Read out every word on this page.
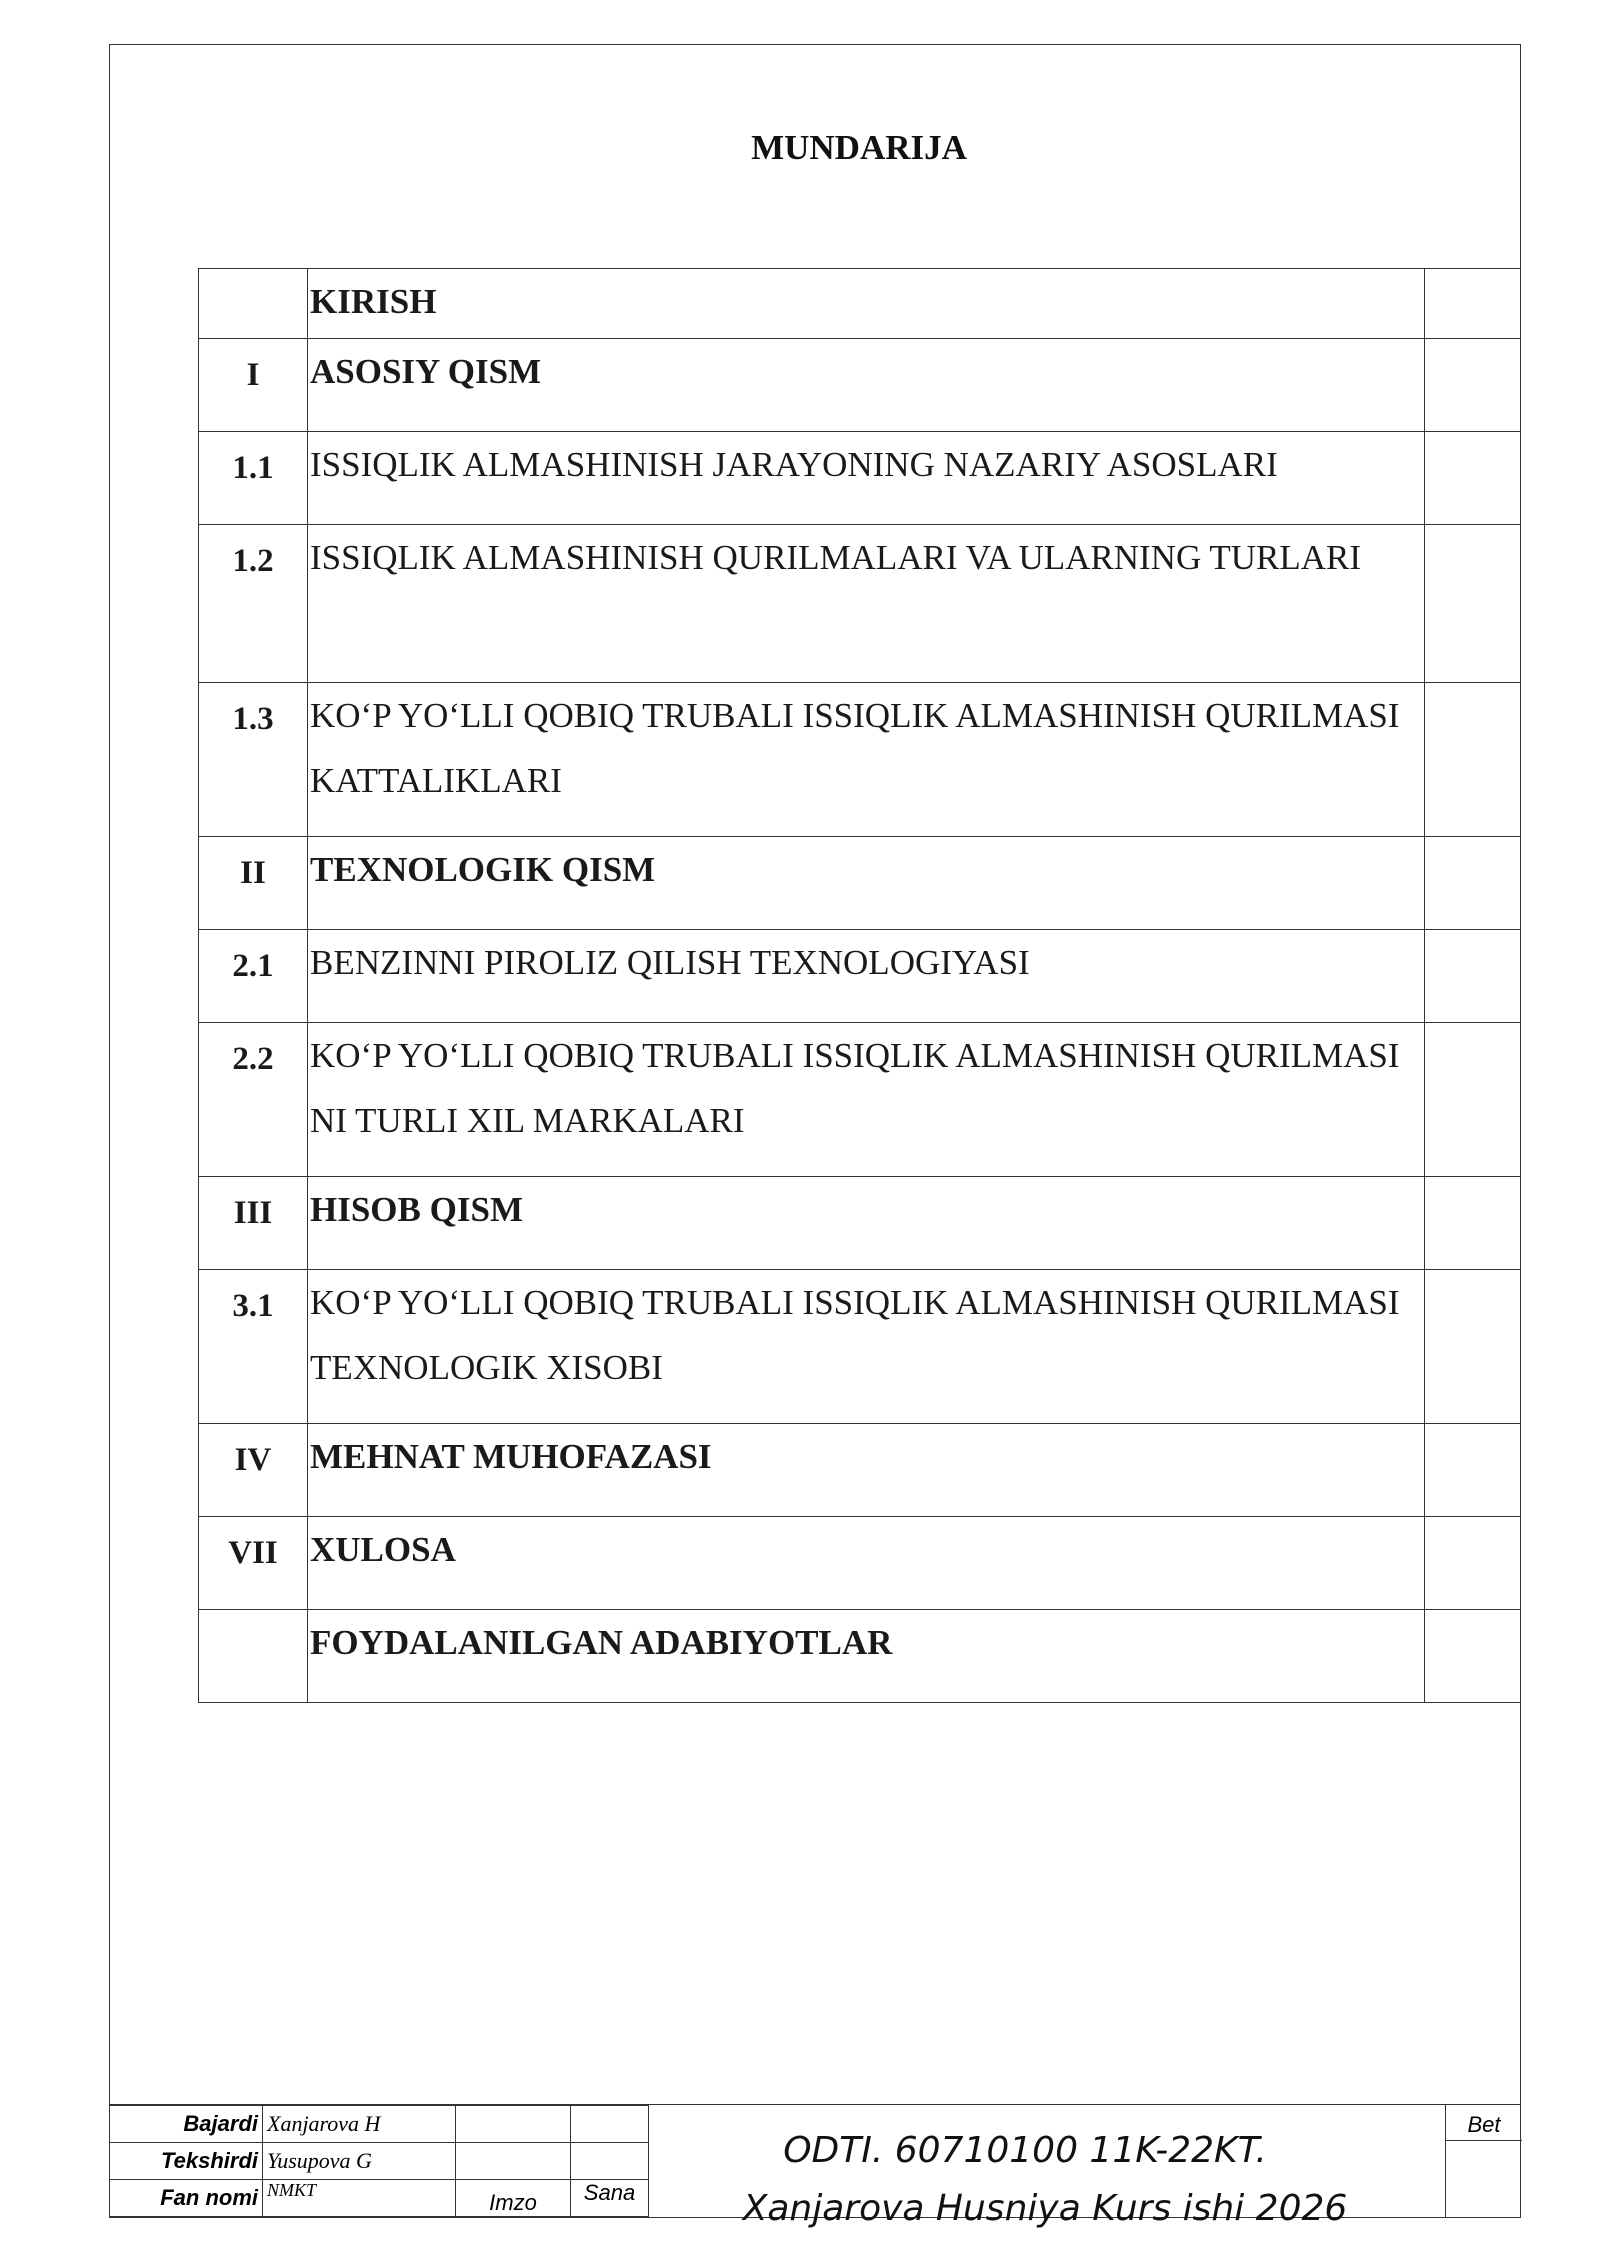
MUNDARIJA
	KIRISH	
I	ASOSIY QISM	
1.1	ISSIQLIK ALMASHINISH JARAYONING NAZARIY ASOSLARI	
1.2	ISSIQLIK ALMASHINISH QURILMALARI VA ULARNING TURLARI	
1.3	KO‘P YO‘LLI QOBIQ TRUBALI ISSIQLIK ALMASHINISH QURILMASI KATTALIKLARI	
II	TEXNOLOGIK QISM	
2.1	BENZINNI PIROLIZ QILISH TEXNOLOGIYASI	
2.2	KO‘P YO‘LLI QOBIQ TRUBALI ISSIQLIK ALMASHINISH QURILMASI NI TURLI XIL MARKALARI	
III	HISOB QISM	
3.1	KO‘P YO‘LLI QOBIQ TRUBALI ISSIQLIK ALMASHINISH QURILMASI TEXNOLOGIK XISOBI	
IV	MEHNAT MUHOFAZASI	
VII	XULOSA	
	FOYDALANILGAN ADABIYOTLAR	
Bajardi	Xanjarova H		
Tekshirdi	Yusupova G		
Fan nomi	NMKT	Imzo	Sana
ODTI. 60710100 11K-22KT.
Xanjarova Husniya Kurs ishi 2026
Bet
